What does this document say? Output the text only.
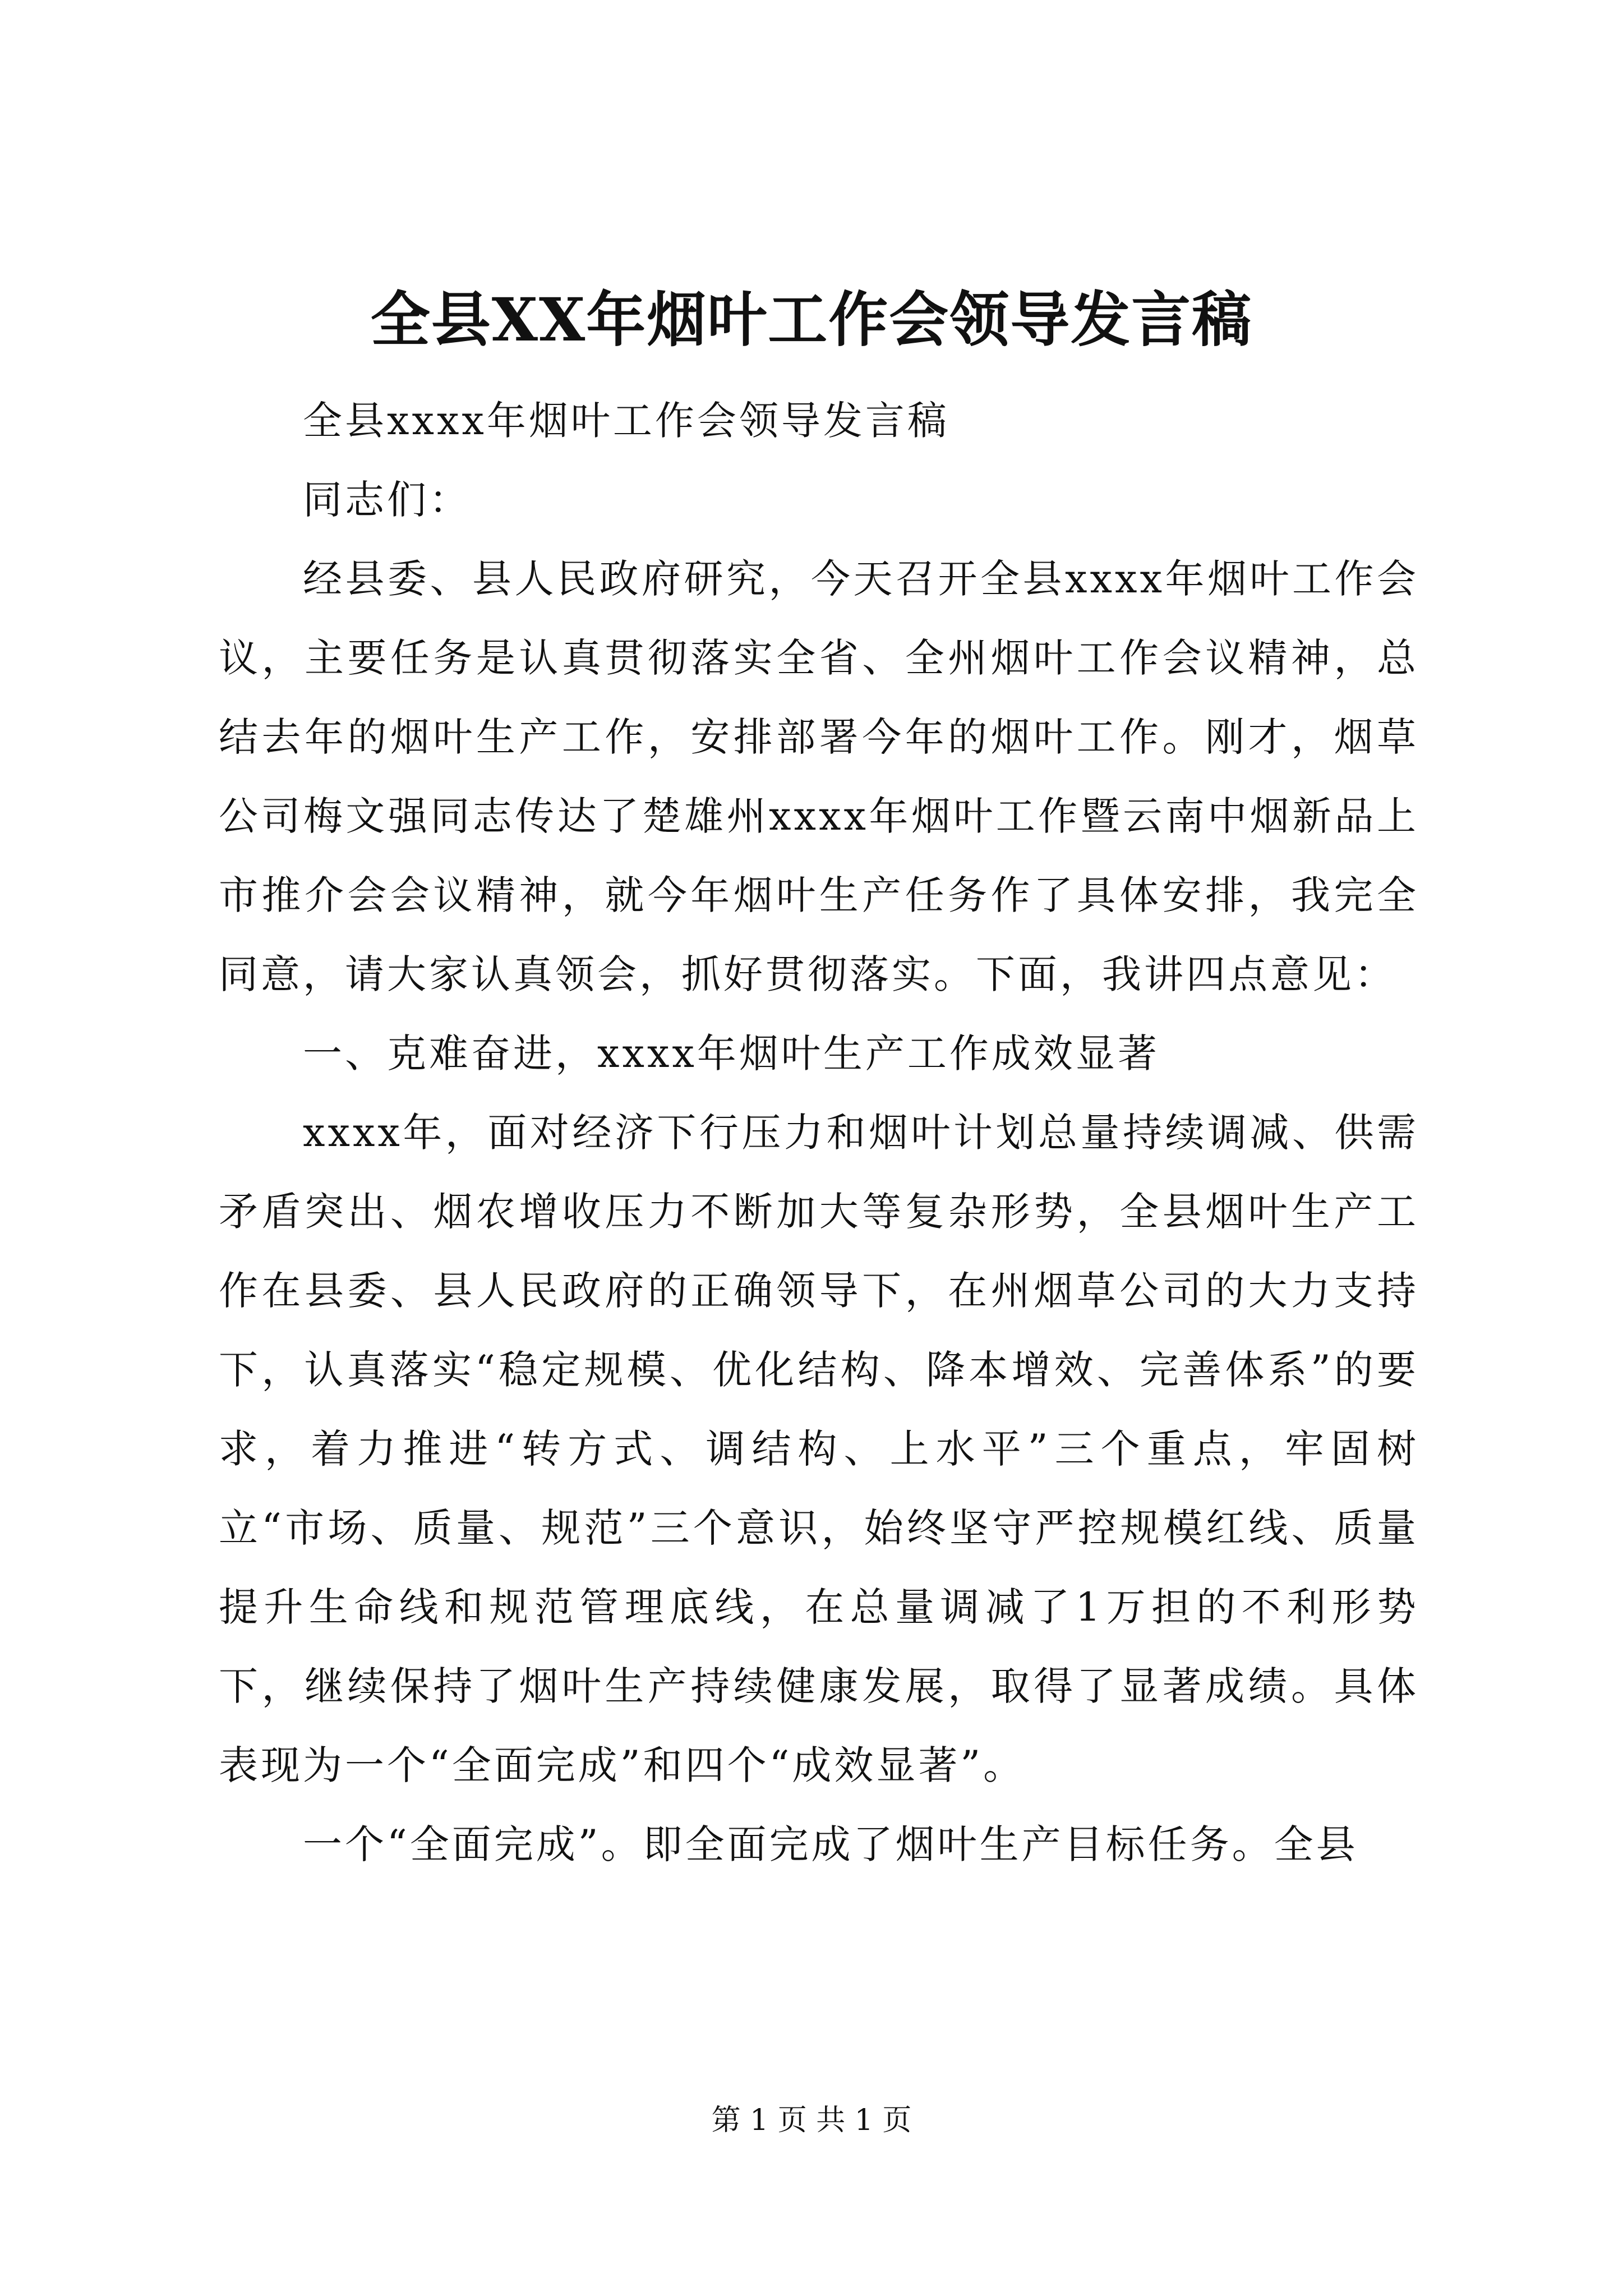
全县XX年烟叶工作会领导发言稿

全县xxxx年烟叶工作会领导发言稿

同志们：

经县委、县人民政府研究，今天召开全县xxxx年烟叶工作会议，主要任务是认真贯彻落实全省、全州烟叶工作会议精神，总结去年的烟叶生产工作，安排部署今年的烟叶工作。刚才，烟草公司梅文强同志传达了楚雄州xxxx年烟叶工作暨云南中烟新品上市推介会会议精神，就今年烟叶生产任务作了具体安排，我完全同意，请大家认真领会，抓好贯彻落实。下面，我讲四点意见：

一、克难奋进，xxxx年烟叶生产工作成效显著

xxxx年，面对经济下行压力和烟叶计划总量持续调减、供需矛盾突出、烟农增收压力不断加大等复杂形势，全县烟叶生产工作在县委、县人民政府的正确领导下，在州烟草公司的大力支持下，认真落实“稳定规模、优化结构、降本增效、完善体系”的要求，着力推进“转方式、调结构、上水平”三个重点，牢固树立“市场、质量、规范”三个意识，始终坚守严控规模红线、质量提升生命线和规范管理底线，在总量调减了1万担的不利形势下，继续保持了烟叶生产持续健康发展，取得了显著成绩。具体表现为一个“全面完成”和四个“成效显著”。

一个“全面完成”。即全面完成了烟叶生产目标任务。全县

第 1 页 共 1 页
